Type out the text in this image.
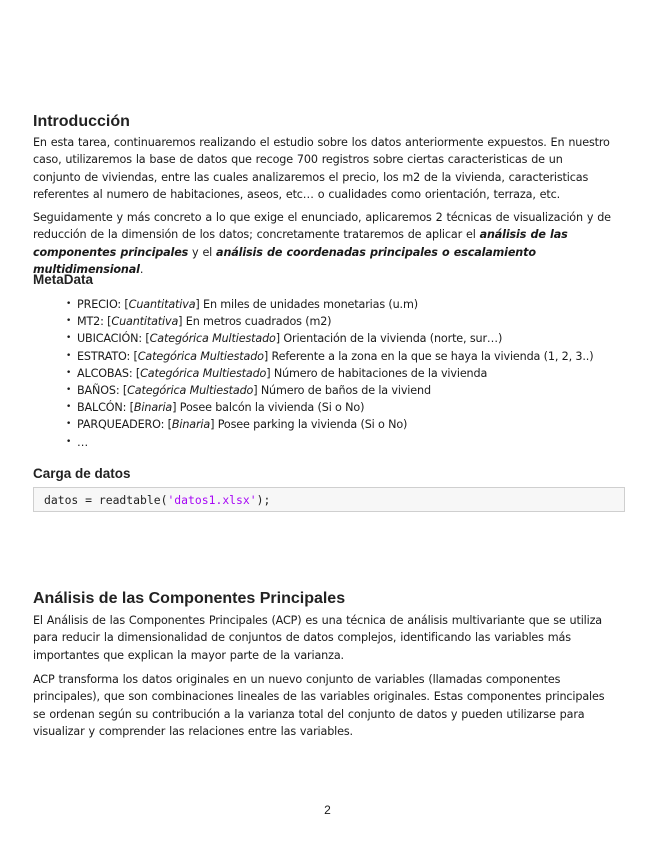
Introducción

En esta tarea, continuaremos realizando el estudio sobre los datos anteriormente expuestos. En nuestro caso, utilizaremos la base de datos que recoge 700 registros sobre ciertas caracteristicas de un conjunto de viviendas, entre las cuales analizaremos el precio, los m2 de la vivienda, caracteristicas referentes al numero de habitaciones, aseos, etc… o cualidades como orientación, terraza, etc.

Seguidamente y más concreto a lo que exige el enunciado, aplicaremos 2 técnicas de visualización y de reducción de la dimensión de los datos; concretamente trataremos de aplicar el análisis de las componentes principales y el análisis de coordenadas principales o escalamiento multidimensional.

MetaData
• PRECIO: [Cuantitativa] En miles de unidades monetarias (u.m)
• MT2: [Cuantitativa] En metros cuadrados (m2)
• UBICACIÓN: [Categórica Multiestado] Orientación de la vivienda (norte, sur…)
• ESTRATO: [Categórica Multiestado] Referente a la zona en la que se haya la vivienda (1, 2, 3..)
• ALCOBAS: [Categórica Multiestado] Número de habitaciones de la vivienda
• BAÑOS: [Categórica Multiestado] Número de baños de la viviend
• BALCÓN: [Binaria] Posee balcón la vivienda (Si o No)
• PARQUEADERO: [Binaria] Posee parking la vivienda (Si o No)
• …
Carga de datos
datos = readtable('datos1.xlsx');
Análisis de las Componentes Principales

El Análisis de las Componentes Principales (ACP) es una técnica de análisis multivariante que se utiliza para reducir la dimensionalidad de conjuntos de datos complejos, identificando las variables más importantes que explican la mayor parte de la varianza.

ACP transforma los datos originales en un nuevo conjunto de variables (llamadas componentes principales), que son combinaciones lineales de las variables originales. Estas componentes principales se ordenan según su contribución a la varianza total del conjunto de datos y pueden utilizarse para visualizar y comprender las relaciones entre las variables.

2
